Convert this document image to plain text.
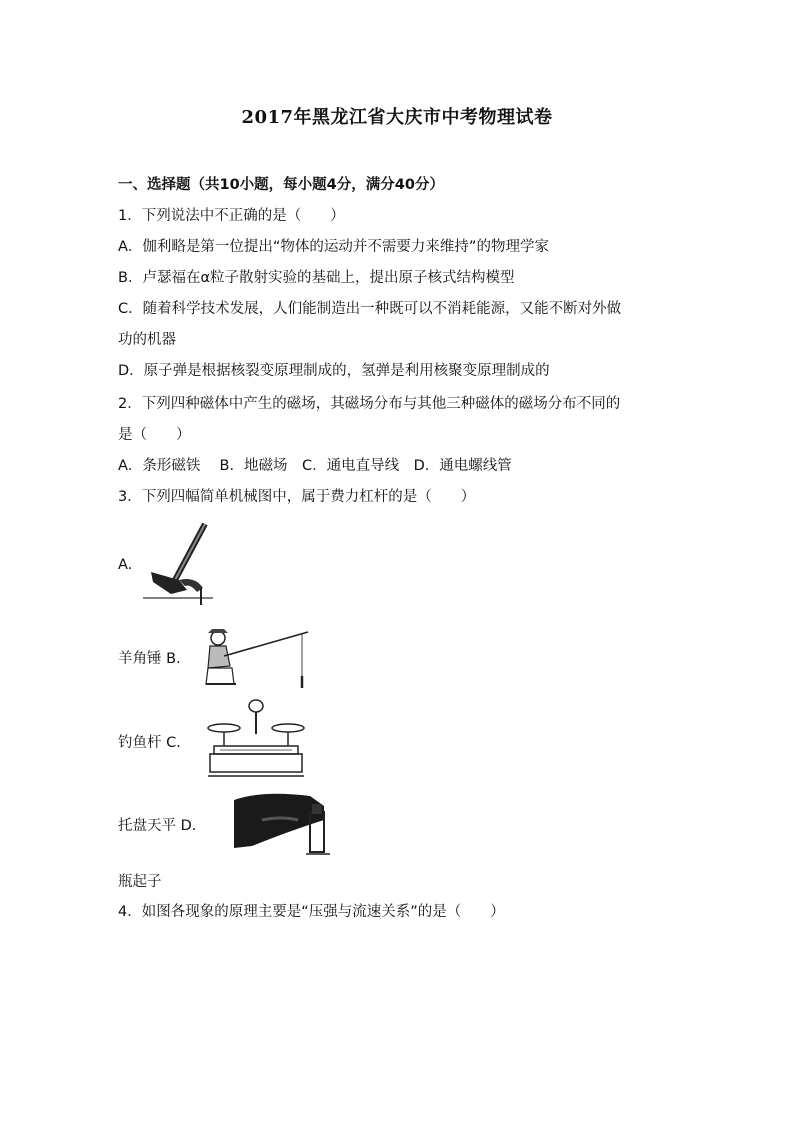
2017年黑龙江省大庆市中考物理试卷
一、选择题（共10小题，每小题4分，满分40分）
1．下列说法中不正确的是（　　）
A．伽利略是第一位提出“物体的运动并不需要力来维持”的物理学家
B．卢瑟福在α粒子散射实验的基础上，提出原子核式结构模型
C．随着科学技术发展，人们能制造出一种既可以不消耗能源，又能不断对外做
功的机器
D．原子弹是根据核裂变原理制成的，氢弹是利用核聚变原理制成的
2．下列四种磁体中产生的磁场，其磁场分布与其他三种磁体的磁场分布不同的
是（　　）
A．条形磁铁　 B．地磁场　C．通电直导线　D．通电螺线管
3．下列四幅简单机械图中，属于费力杠杆的是（　　）
A.
羊角锤 B.
钓鱼杆 C.
托盘天平 D.
瓶起子
4．如图各现象的原理主要是“压强与流速关系”的是（　　）
